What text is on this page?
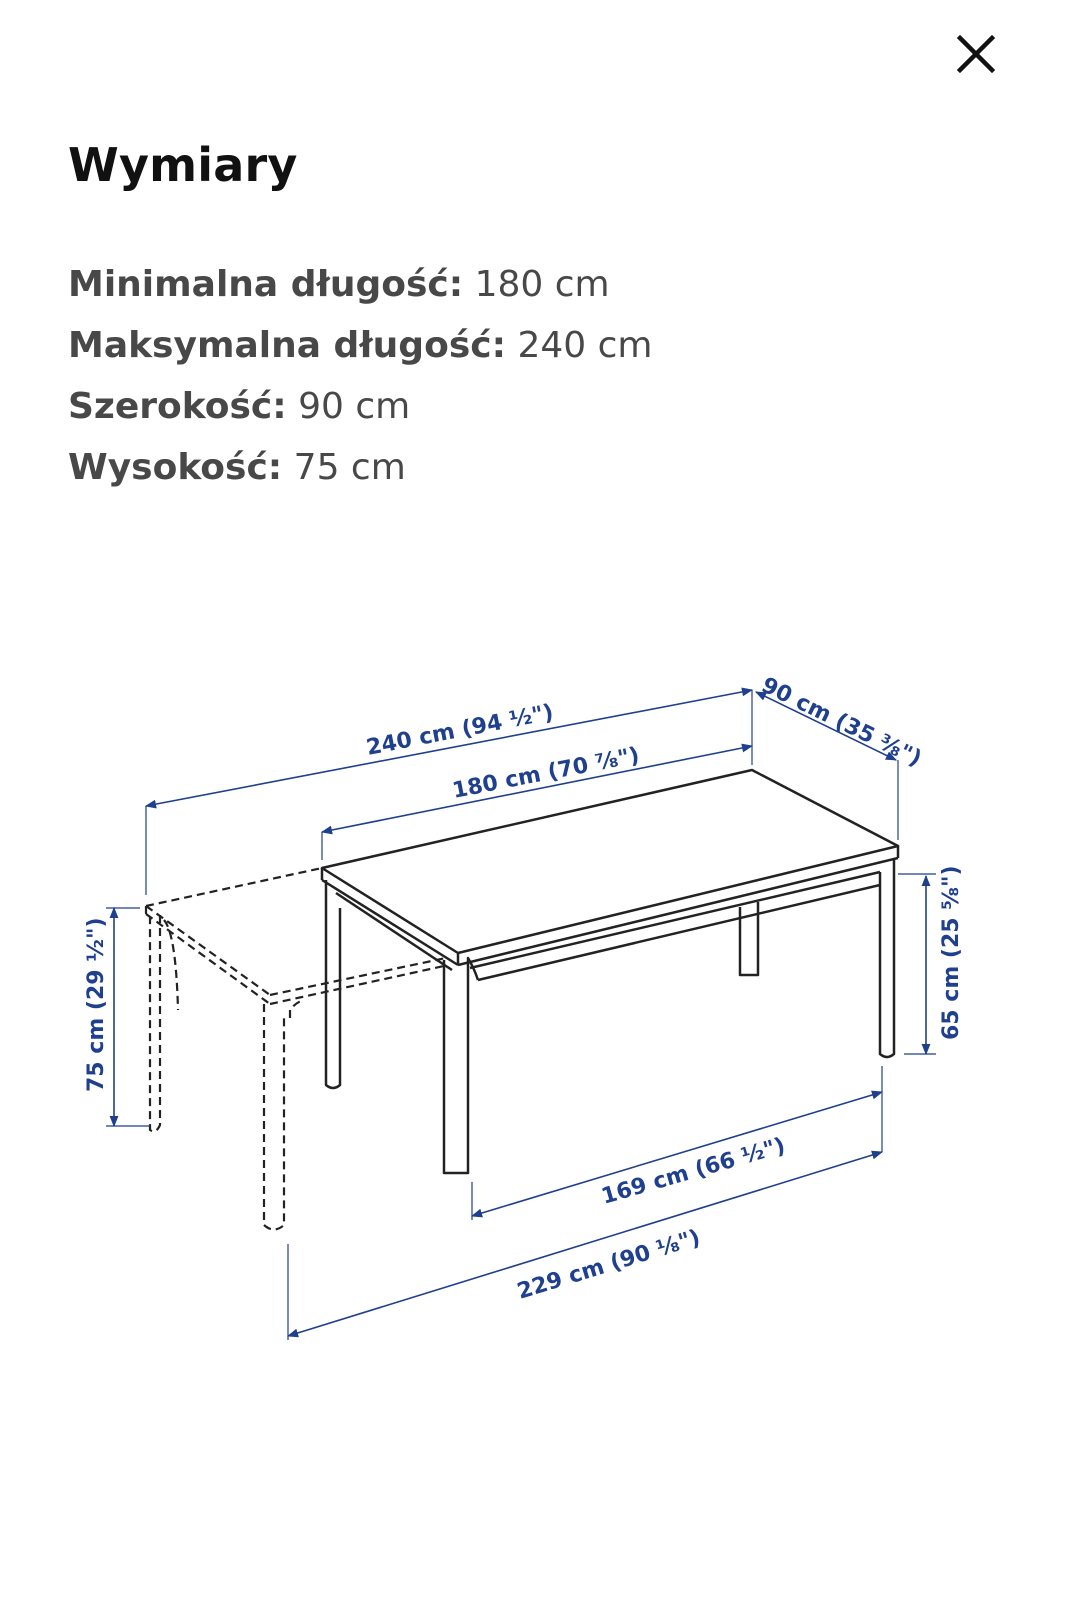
Wymiary
Minimalna długość: 180 cm
Maksymalna długość: 240 cm
Szerokość: 90 cm
Wysokość: 75 cm
240 cm (94 ½")
180 cm (70 ⅞")
90 cm (35 ⅜")
75 cm (29 ½")	65 cm (25 ⅝")
169 cm (66 ½")
229 cm (90 ⅛")
